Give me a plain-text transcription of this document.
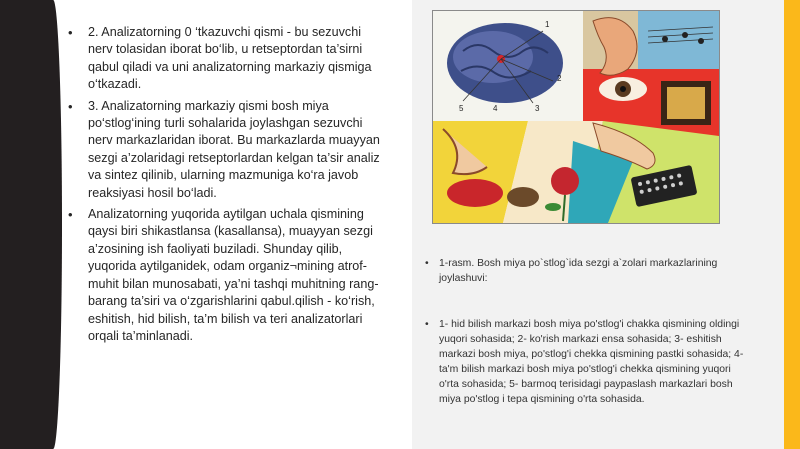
• 2. Analizatorning 0 ‘tkazuvchi qismi - bu sezuvchi nerv tolasidan iborat bo‘lib, u retseptordan ta’sirni qabul qiladi va uni analizatorning markaziy qismiga o‘tkazadi.
• 3. Analizatorning markaziy qismi bosh miya po‘stlog‘ining turli sohalarida joylashgan sezuvchi nerv markazlaridan iborat. Bu markazlarda muayyan sezgi a’zolaridagi retseptorlardan kelgan ta’sir analiz va sintez qilinib, ularning mazmuniga ko‘ra javob reaksiyasi hosil bo‘ladi.
• Analizatorning yuqorida aytilgan uchala qismining qaysi biri shikastlansa (kasallansa), muayyan sezgi a’zosining ish faoliyati buziladi. Shunday qilib, yuqorida aytilganidek, odam organiz¬mining atrof-muhit bilan munosabati, ya’ni tashqi muhitning rang-barang ta’siri va o‘zgarishlarini qabul.qilish - ko‘rish, eshitish, hid bilish, ta’m bilish va teri analizatorlari orqali ta’minlanadi.
5
1
2
3
4
• 1-rasm. Bosh miya po`stlog`ida sezgi a`zolari markazlarining joylashuvi:
• 1- hid bilish markazi bosh miya po'stlog'i chakka qismining oldingi yuqori sohasida; 2- ko'rish markazi ensa sohasida; 3- eshitish markazi bosh miya, po'stlog'i chekka qismining pastki sohasida; 4- ta'm bilish markazi bosh miya po'stlog'i chekka qismining yuqori o'rta sohasida; 5- barmoq terisidagi paypaslash markazlari bosh miya po'stlog i tepa qismining o'rta sohasida.
